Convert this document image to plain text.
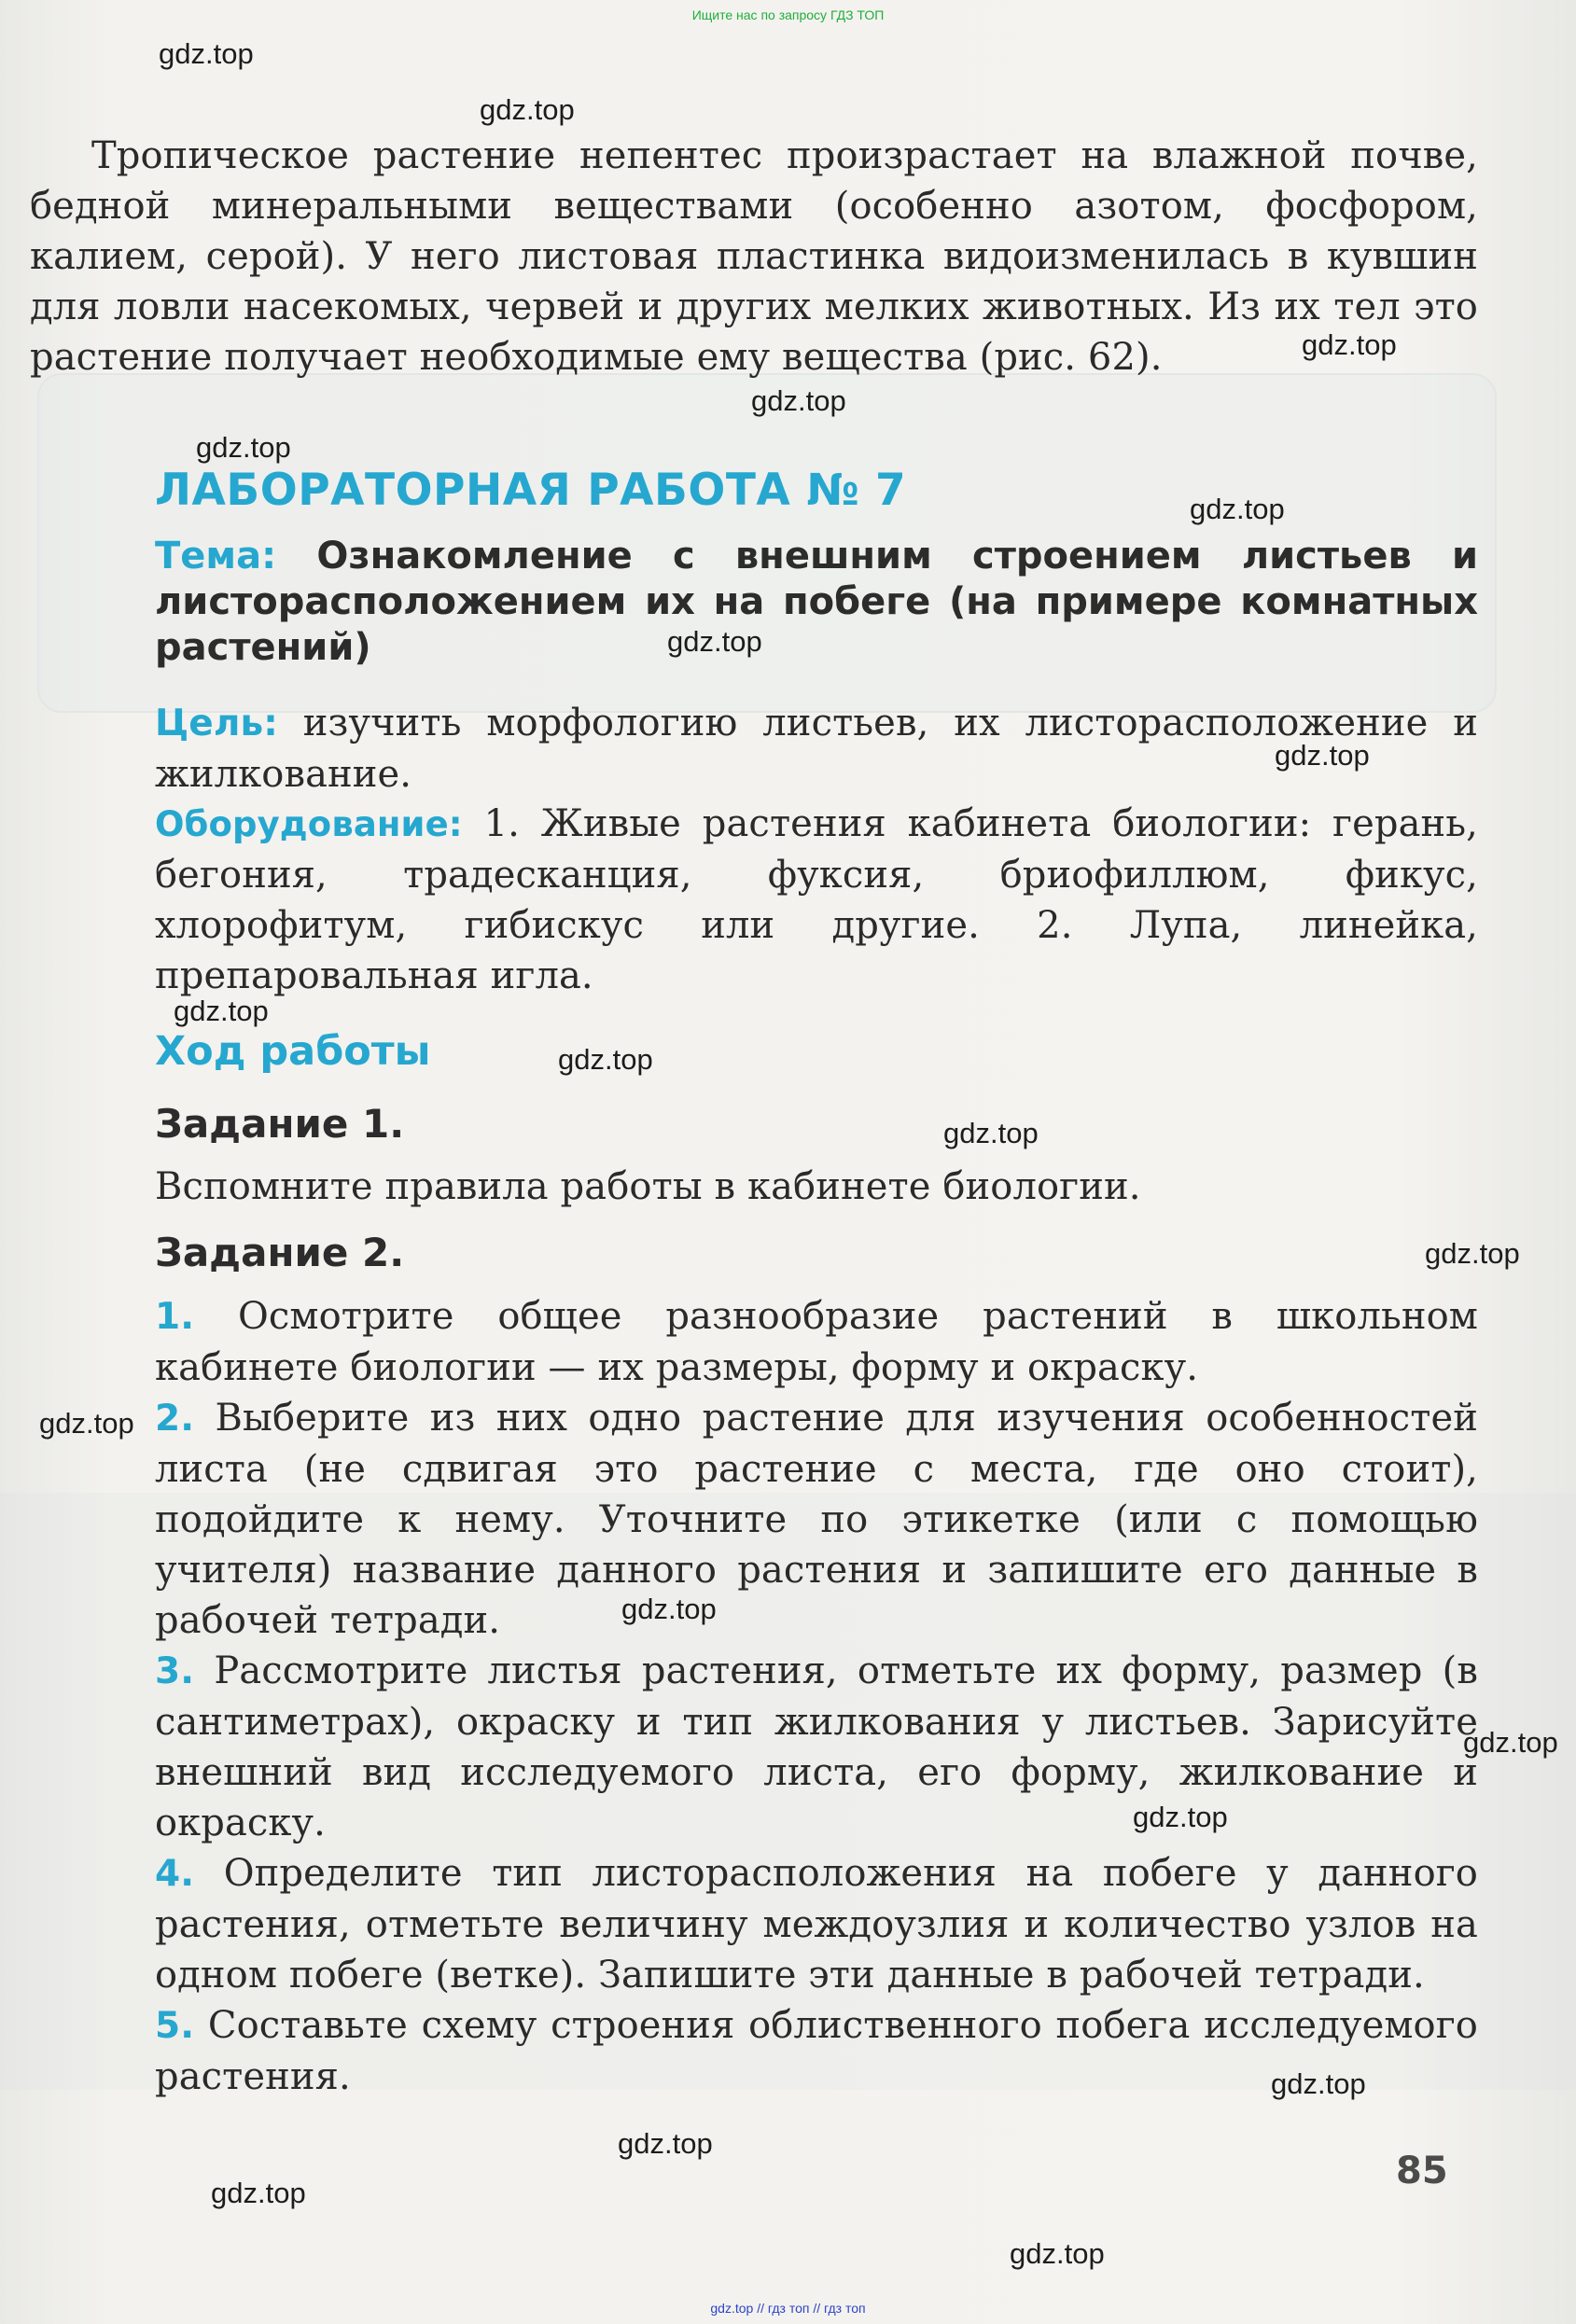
Ищите нас по запросу ГДЗ ТОП
Тропическое растение непентес произрастает на влажной почве, бедной минеральными веществами (особенно азотом, фосфором, калием, серой). У него листовая пластинка видоизменилась в кувшин для ловли насекомых, червей и других мелких животных. Из их тел это растение получает необходимые ему вещества (рис. 62).
ЛАБОРАТОРНАЯ РАБОТА № 7
Тема: Ознакомление с внешним строением листьев и листорасположением их на побеге (на примере комнатных растений)
Цель: изучить морфологию листьев, их листорасположение и жилкование.
Оборудование: 1. Живые растения кабинета биологии: герань, бегония, традесканция, фуксия, бриофиллюм, фикус, хлорофитум, гибискус или другие. 2. Лупа, линейка, препаровальная игла.
Ход работы
Задание 1.
Вспомните правила работы в кабинете биологии.
Задание 2.

1. Осмотрите общее разнообразие растений в школьном кабинете биологии — их размеры, форму и окраску.

2. Выберите из них одно растение для изучения особенностей листа (не сдвигая это растение с места, где оно стоит), подойдите к нему. Уточните по этикетке (или с помощью учителя) название данного растения и запишите его данные в рабочей тетради.

3. Рассмотрите листья растения, отметьте их форму, размер (в сантиметрах), окраску и тип жилкования у листьев. Зарисуйте внешний вид исследуемого листа, его форму, жилкование и окраску.

4. Определите тип листорасположения на побеге у данного растения, отметьте величину междоузлия и количество узлов на одном побеге (ветке). Запишите эти данные в рабочей тетради.

5. Составьте схему строения облиственного побега исследуемого растения.

85
gdz.top
gdz.top
gdz.top
gdz.top
gdz.top
gdz.top
gdz.top
gdz.top
gdz.top
gdz.top
gdz.top
gdz.top
gdz.top
gdz.top
gdz.top
gdz.top
gdz.top
gdz.top
gdz.top
gdz.top
gdz.top // гдз топ // гдз топ
